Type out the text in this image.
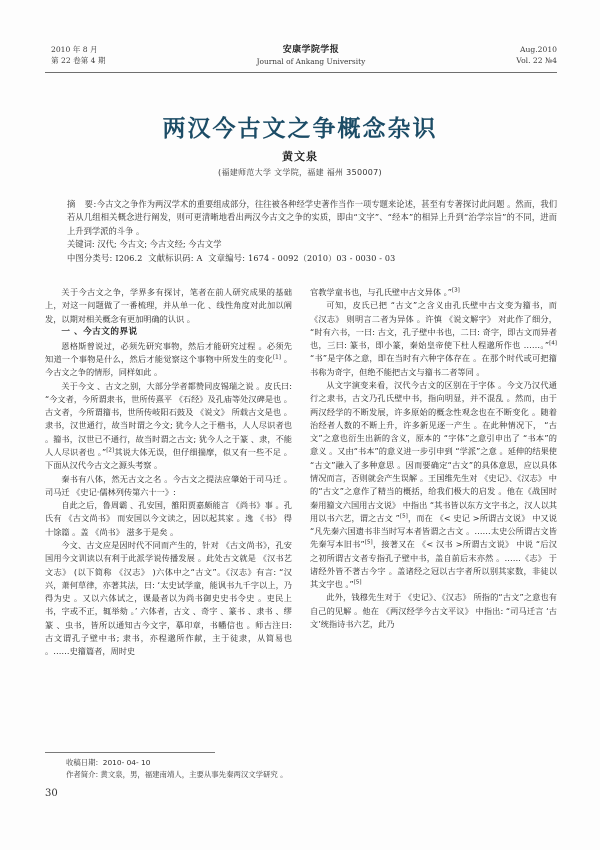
2010 年 8 月
第 22 卷第 4 期
安康学院学报
Journal of Ankang University
Aug.2010
Vol. 22 №4
两汉今古文之争概念杂识
黄文泉
(福建师范大学 文学院，福建 福州 350007)

摘　要:今古文之争作为两汉学术的重要组成部分，往往被各种经学史著作当作一项专题来论述，甚至有专著探讨此问题 。然而，我们若从几组相关概念进行阐发，则可更清晰地看出两汉今古文之争的实质，即由“文字”、“经本”的相异上升到“治学宗旨”的不同，进而上升到学派的斗争 。

关键词: 汉代; 今古文; 今古文经; 今古文学

中图分类号: I206.2 文献标识码: A 文章编号: 1674 - 0092（2010）03 - 0030 - 03

关于今古文之争，学界多有探讨，笔者在前人研究成果的基础上，对这一问题做了一番梳理，并从单一化 、线性角度对此加以阐发，以期对相关概念有更加明确的认识 。

一 、今古文的界说

恩格斯曾说过，必须先研究事物，然后才能研究过程 。必须先知道一个事物是什么，然后才能觉察这个事物中所发生的变化[1] 。今古文之争的情形，同样如此 。

关于今文 、古文之别，大部分学者都赞同皮锡瑞之说 。皮氏曰: “今文者，今所谓隶书，世所传熹平 《石经》及孔庙等处汉碑是也 。古文者，今所谓籀书，世所传岐阳石鼓及 《说文》 所载古文是也 。隶书，汉世通行，故当时谓之今文; 犹今人之于楷书，人人尽识者也 。籀书，汉世已不通行，故当时谓之古文; 犹今人之于篆 、隶，不能人人尽识者也 。”[2]其说大体无误，但仔细揣摩，似又有一些不足 。下面从汉代今古文之源头考察 。

秦书有八体，然无古文之名 。今古文之提法应肇始于司马迁 。司马迁 《史记·儒林列传第六十一》:

自此之后，鲁周霸 、孔安国，雒阳贾嘉颇能言 《尚书》事 。孔氏有 《古文尚书》 而安国以今文读之，因以起其家 。逸 《书》 得十馀篇 。盖 《尚书》 滋多于是矣 。

今文、古文应是因时代不同而产生的，针对 《古文尚书》，孔安国用今文训读以有利于此派学说传播发展 。此处古文就是 《汉书艺文志》 (以下简称 《汉志》 )六体中之“古文”。《汉志》有言: “汉兴，萧何草律，亦著其法，曰: ‘太史试学童，能讽书九千字以上，乃得为史 。又以六体试之，课最者以为尚书御史史书令史 。吏民上书，字或不正，辄举劾 。’ 六体者，古文 、奇字 、篆书 、隶书 、缪篆 、虫书，皆所以通知古今文字，摹印章，书幡信也 。师古注曰: 古文谓孔子壁中书; 隶书，亦程邈所作献，主于徒隶，从简易也 。……史籀篇者，周时史

官教学童书也，与孔氏壁中古文异体 。”[3]

可知，皮氏已把 “古文”之含义由孔氏壁中古文变为籀书，而 《汉志》 则明言二者为异体 。许慎 《说文解字》 对此作了细分， “时有六书，一曰: 古文，孔子壁中书也，二曰: 奇字，即古文而异者也，三曰: 篆书，即小篆，秦始皇帝使下杜人程邈所作也 ……。”[4]“书”是字体之意，即在当时有六种字体存在 。在那个时代或可把籀书称为奇字，但绝不能把古文与籀书二者等同 。

从文字演变来看，汉代今古文的区别在于字体 。今文乃汉代通行之隶书，古文乃孔氏壁中书，指向明显，并不混乱 。然而，由于两汉经学的不断发展，许多原始的概念性观念也在不断变化 。随着治经者人数的不断上升，许多新见逐一产生 。在此种情况下， “古文”之意也衍生出新的含义，原本的 “字体”之意引申出了 “书本”的意义 。又由“书本”的意义进一步引申到 “学派”之意 。延伸的结果使 “古文”融入了多种意思 。因而要确定“古文”的具体意思，应以具体情况而言，否则就会产生误解 。王国维先生对 《史记》、《汉志》 中的“古文”之意作了精当的概括，给我们极大的启发 。他在《战国时秦用籀文六国用古文说》 中指出 “其书皆以东方文字书之，汉人以其用以书六艺，谓之古文 ”[5]，而在 《< 史记 >所谓古文说》 中又说 “凡先秦六国遗书非当时写本者皆谓之古文 。……太史公所谓古文皆先秦写本旧书”[5]，接著又在 《< 汉书 >所谓古文说》 中说 “后汉之初所谓古文者专指孔子壁中书，盖自前后末亦然 。……《志》 于诸经外皆不著古今字 。盖诸经之冠以古字者所以别其家数，非徒以其文字也 。”[5]

此外，钱穆先生对于 《史记》、《汉志》 所指的“古文”之意也有自己的见解 。他在 《两汉经学今古文平议》 中指出: “司马迁言 ‘古文’统指诗书六艺，此乃

收稿日期: 2010- 04- 10
作者简介: 黄文泉，男，福建南靖人，主要从事先秦两汉文学研究 。
30
